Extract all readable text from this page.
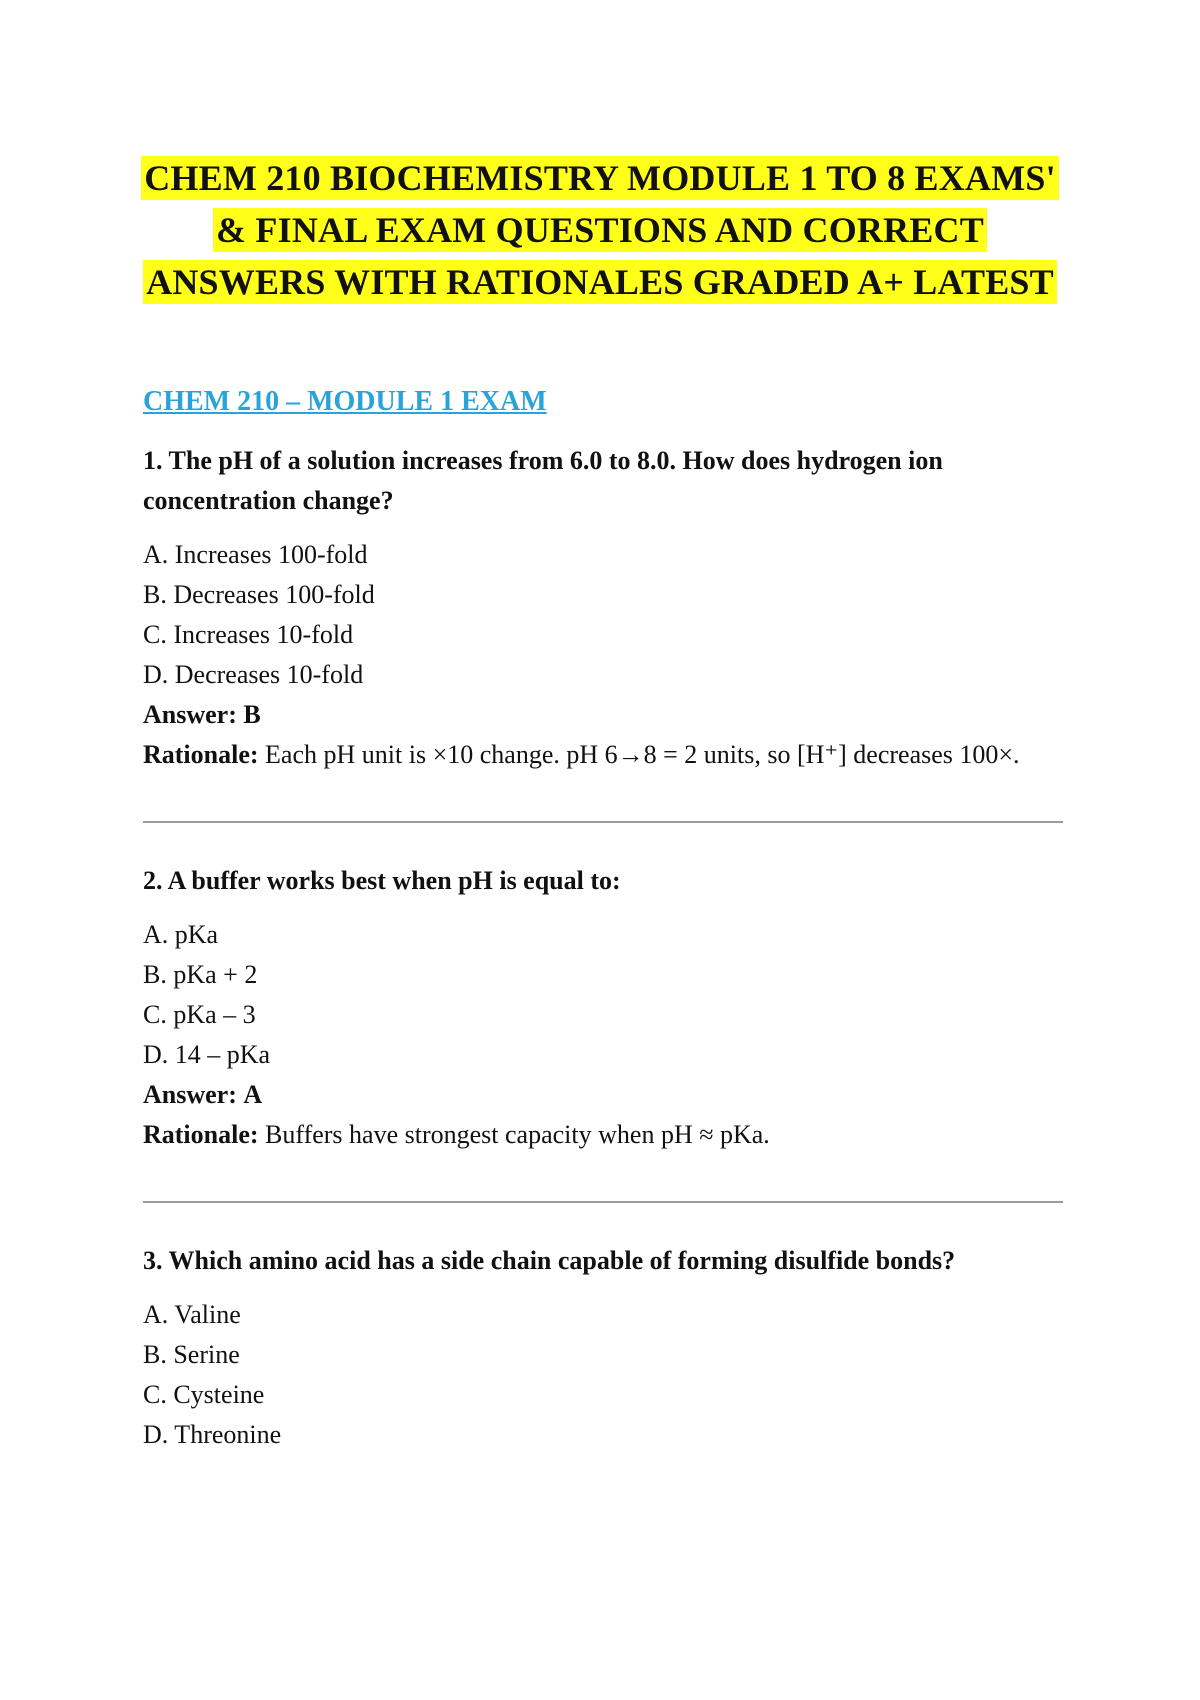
CHEM 210 BIOCHEMISTRY MODULE 1 TO 8 EXAMS'
& FINAL EXAM QUESTIONS AND CORRECT
ANSWERS WITH RATIONALES GRADED A+ LATEST
CHEM 210 – MODULE 1 EXAM
1. The pH of a solution increases from 6.0 to 8.0. How does hydrogen ion concentration change?
A. Increases 100-fold
B. Decreases 100-fold
C. Increases 10-fold
D. Decreases 10-fold
Answer: B
Rationale: Each pH unit is ×10 change. pH 6→8 = 2 units, so [H⁺] decreases 100×.
2. A buffer works best when pH is equal to:
A. pKa
B. pKa + 2
C. pKa – 3
D. 14 – pKa
Answer: A
Rationale: Buffers have strongest capacity when pH ≈ pKa.
3. Which amino acid has a side chain capable of forming disulfide bonds?
A. Valine
B. Serine
C. Cysteine
D. Threonine
